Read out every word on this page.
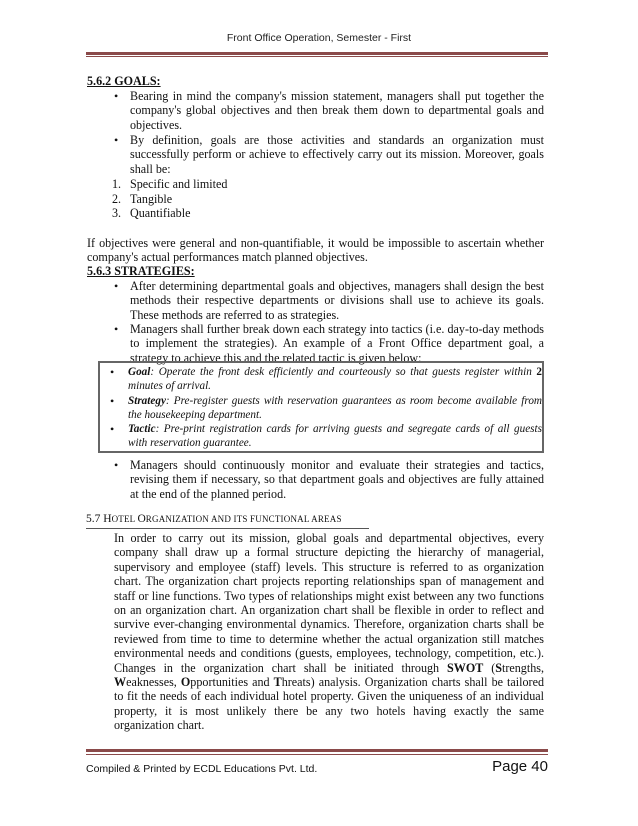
Front Office Operation, Semester - First
5.6.2 GOALS:
• Bearing in mind the company's mission statement, managers shall put together the company's global objectives and then break them down to departmental goals and objectives.
• By definition, goals are those activities and standards an organization must successfully perform or achieve to effectively carry out its mission. Moreover, goals shall be:
1. Specific and limited
2. Tangible
3. Quantifiable
If objectives were general and non-quantifiable, it would be impossible to ascertain whether company's actual performances match planned objectives.
5.6.3 STRATEGIES:
• After determining departmental goals and objectives, managers shall design the best methods their respective departments or divisions shall use to achieve its goals. These methods are referred to as strategies.
• Managers shall further break down each strategy into tactics (i.e. day-to-day methods to implement the strategies). An example of a Front Office department goal, a strategy to achieve this and the related tactic is given below:
• Goal: Operate the front desk efficiently and courteously so that guests register within 2 minutes of arrival.
• Strategy: Pre-register guests with reservation guarantees as room become available from the housekeeping department.
• Tactic: Pre-print registration cards for arriving guests and segregate cards of all guests with reservation guarantee.
• Managers should continuously monitor and evaluate their strategies and tactics, revising them if necessary, so that department goals and objectives are fully attained at the end of the planned period.
5.7 HOTEL ORGANIZATION AND ITS FUNCTIONAL AREAS
In order to carry out its mission, global goals and departmental objectives, every company shall draw up a formal structure depicting the hierarchy of managerial, supervisory and employee (staff) levels. This structure is referred to as organization chart. The organization chart projects reporting relationships span of management and staff or line functions. Two types of relationships might exist between any two functions on an organization chart. An organization chart shall be flexible in order to reflect and survive ever-changing environmental dynamics. Therefore, organization charts shall be reviewed from time to time to determine whether the actual organization still matches environmental needs and conditions (guests, employees, technology, competition, etc.). Changes in the organization chart shall be initiated through SWOT (Strengths, Weaknesses, Opportunities and Threats) analysis. Organization charts shall be tailored to fit the needs of each individual hotel property. Given the uniqueness of an individual property, it is most unlikely there be any two hotels having exactly the same organization chart.
Compiled & Printed by ECDL Educations Pvt. Ltd.	Page 40
